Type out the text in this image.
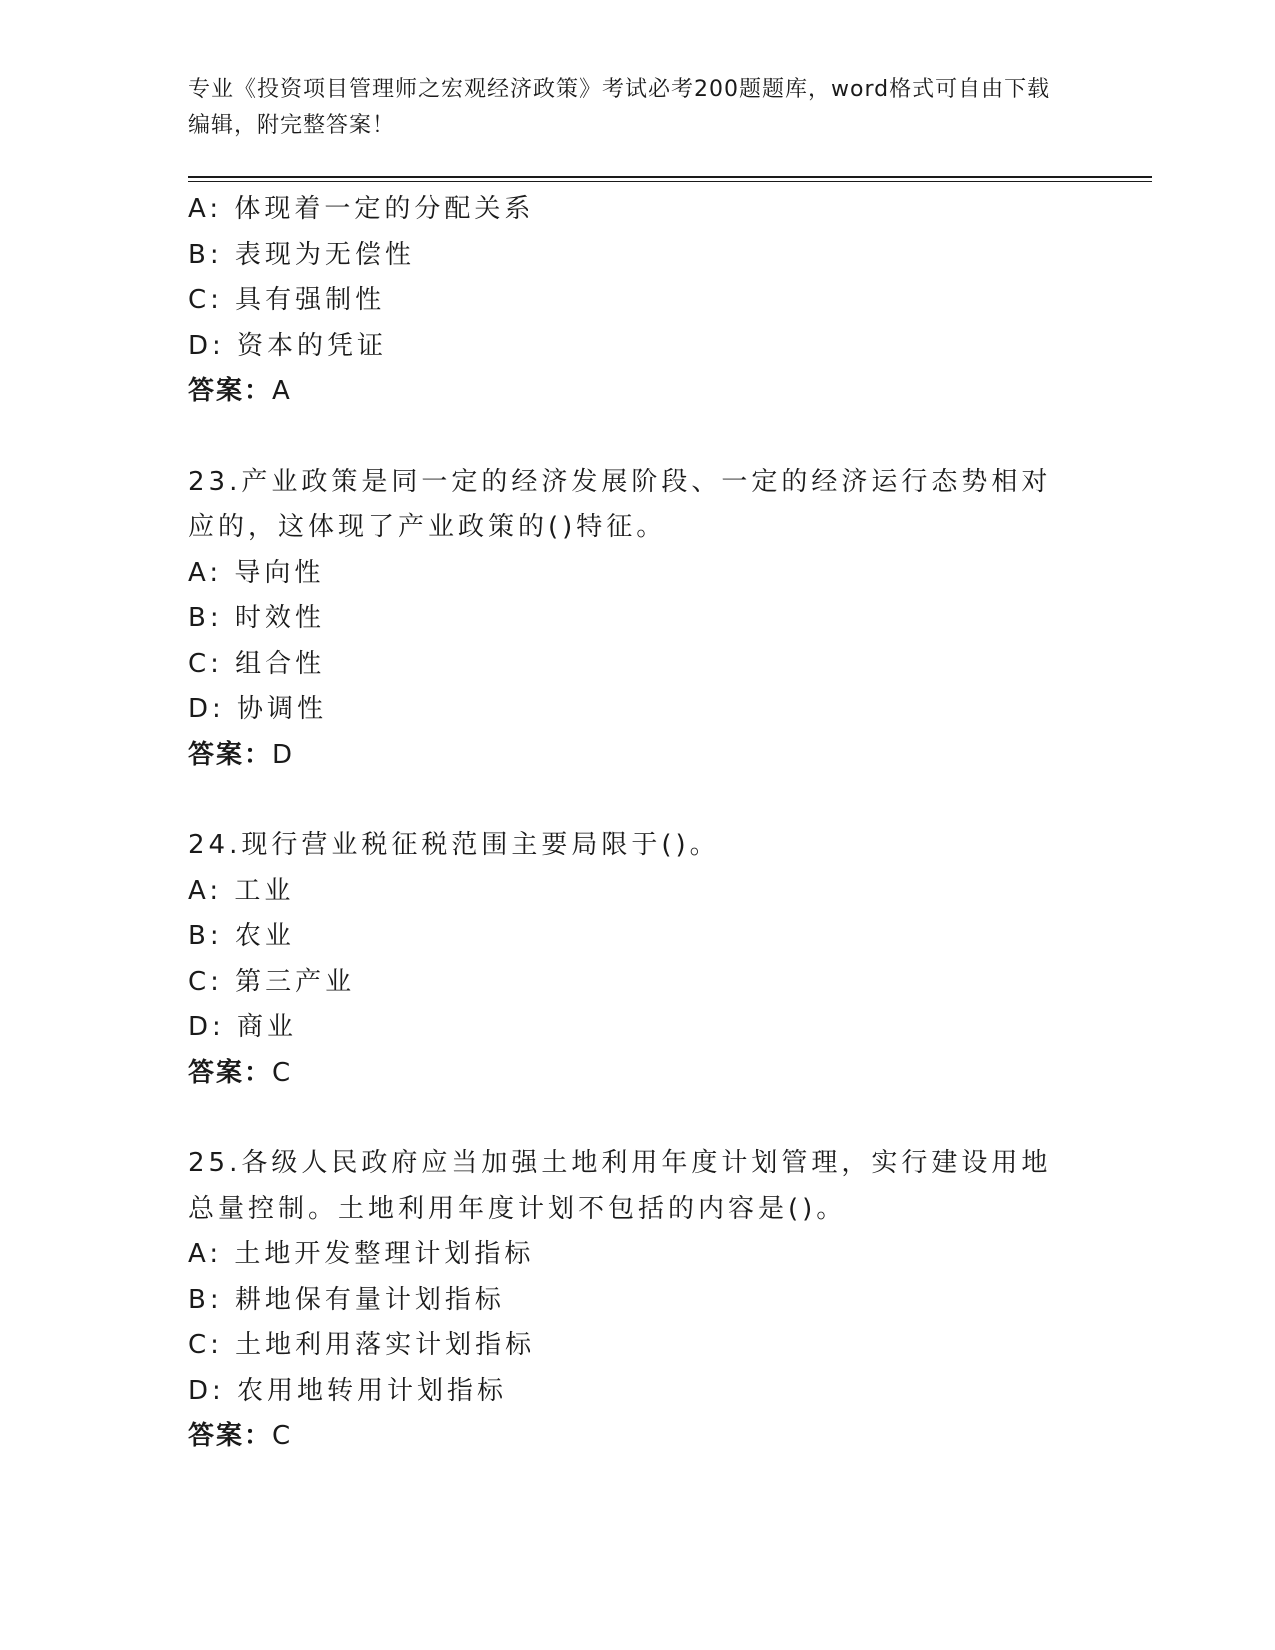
专业《投资项目管理师之宏观经济政策》考试必考200题题库，word格式可自由下载编辑，附完整答案！
A: 体现着一定的分配关系
B: 表现为无偿性
C: 具有强制性
D: 资本的凭证
答案：A
23.产业政策是同一定的经济发展阶段、一定的经济运行态势相对应的，这体现了产业政策的()特征。
A: 导向性
B: 时效性
C: 组合性
D: 协调性
答案：D
24.现行营业税征税范围主要局限于()。
A: 工业
B: 农业
C: 第三产业
D: 商业
答案：C
25.各级人民政府应当加强土地利用年度计划管理，实行建设用地总量控制。土地利用年度计划不包括的内容是()。
A: 土地开发整理计划指标
B: 耕地保有量计划指标
C: 土地利用落实计划指标
D: 农用地转用计划指标
答案：C
